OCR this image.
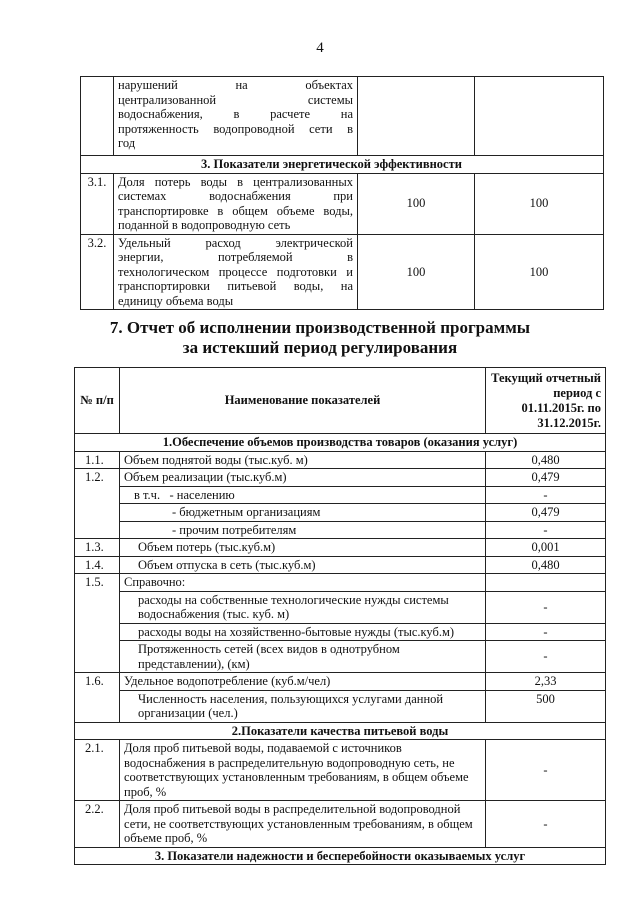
4

	нарушений на объектах
централизованной системы
водоснабжения, в расчете на
протяженность водопроводной сети в
год		

3. Показатели энергетической эффективности			
3.1.	Доля потерь воды в централизованных
системах водоснабжения при
транспортировке в общем объеме воды,
поданной в водопроводную сеть	100	100
3.2.	Удельный расход электрической
энергии, потребляемой в
технологическом процессе подготовки и
транспортировки питьевой воды, на
единицу объема воды	100	100
7. Отчет об исполнении производственной программы
за истекший период регулирования
№ п/п	Наименование показателей	Текущий отчетный период с 01.11.2015г. по 31.12.2015г.
1.Обеспечение объемов производства товаров (оказания услуг)		
1.1.	Объем поднятой воды (тыс.куб. м)	0,480
1.2.	Объем реализации (тыс.куб.м)	0,479
	в т.ч.   - населению	-
	- бюджетным организациям	0,479
	- прочим потребителям	-
1.3.	Объем потерь (тыс.куб.м)	0,001
1.4.	Объем отпуска в сеть (тыс.куб.м)	0,480
1.5.	Справочно:	
	расходы на собственные технологические нужды системы водоснабжения (тыс. куб. м)	-
	расходы воды на хозяйственно-бытовые нужды (тыс.куб.м)	-
	Протяженность сетей (всех видов в однотрубном представлении), (км)	-
1.6.	Удельное водопотребление (куб.м/чел)	2,33
	Численность населения, пользующихся услугами данной организации (чел.)	500
2.Показатели качества питьевой воды		
2.1.	Доля проб питьевой воды, подаваемой с источников водоснабжения в распределительную водопроводную сеть, не соответствующих установленным требованиям, в общем объеме проб, %	-
2.2.	Доля проб питьевой воды в распределительной водопроводной сети, не соответствующих установленным требованиям, в общем объеме проб, %	-
3. Показатели надежности и бесперебойности оказываемых услуг		
